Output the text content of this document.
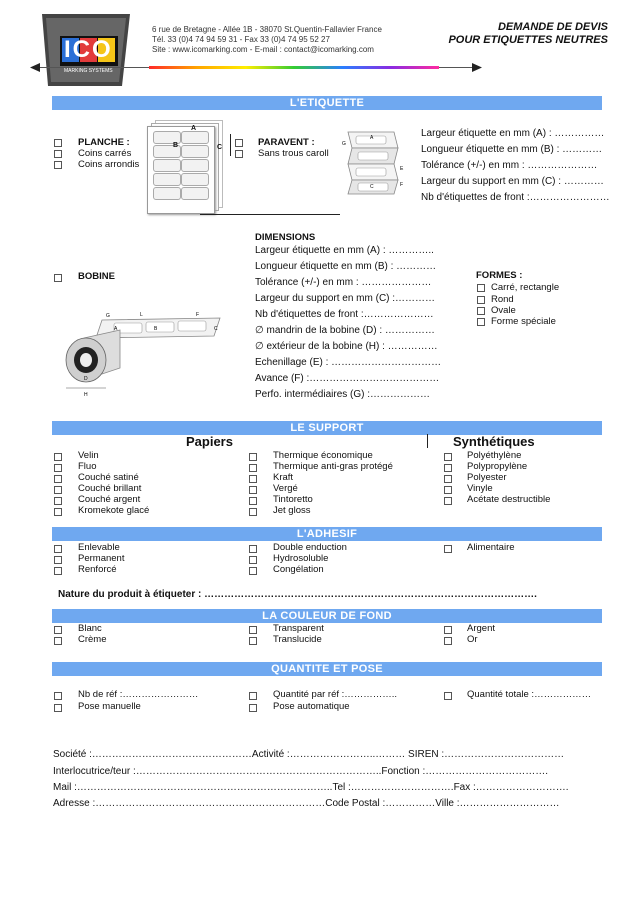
ICO
MARKING SYSTEMS
6 rue de Bretagne - Allée 1B - 38070 St.Quentin-Fallavier France
Tél. 33 (0)4 74 94 59 31 - Fax 33 (0)4 74 95 52 27
Site : www.icomarking.com - E-mail : contact@icomarking.com
DEMANDE DE DEVIS
POUR ETIQUETTES NEUTRES
L'ETIQUETTE
PLANCHE :
Coins carrés
Coins arrondis
A
B	C	PARAVENT :
Sans trous caroll
A
G
C
E
F
Largeur étiquette en mm (A) : ……………
Longueur étiquette en mm (B) : …………
Tolérance (+/-) en mm : …………………
Largeur du support en mm (C) : …………
Nb d'étiquettes de front :……………………
DIMENSIONS
BOBINE
Largeur étiquette en mm (A) : …………..
Longueur étiquette en mm (B) : …………
Tolérance (+/-) en mm : …………………
Largeur du support en mm (C) :…………
Nb d'étiquettes de front :…………………
∅ mandrin de la bobine (D) : ……………
∅ extérieur de la bobine (H) : ……………
Echenillage (E) : ……………………………
Avance (F) :…………………………………
Perfo. intermédiaires (G) :………………
H
D
A	B
G	L	F
C
FORMES :
Carré, rectangle
Rond
Ovale
Forme spéciale
LE SUPPORT
Papiers	Synthétiques
Velin
Fluo
Couché satiné
Couché brillant
Couché argent
Kromekote glacé
Thermique économique
Thermique anti-gras protégé
Kraft
Vergé
Tintoretto
Jet gloss
Polyéthylène
Polypropylène
Polyester
Vinyle
Acétate destructible
L'ADHESIF
Enlevable
Permanent
Renforcé
Double enduction
Hydrosoluble
Congélation
Alimentaire
Nature du produit à étiqueter : ……………………………………………………………………………………….
LA COULEUR DE FOND
Blanc
Crème
Transparent
Translucide
Argent
Or
QUANTITE ET POSE
Nb de réf :……………………
Pose manuelle
Quantité par réf :……………..
Pose automatique
Quantité totale :………………
Société :…………………………………………Activité :……………………..……… SIREN :………………………………
Interlocutrice/teur :………………………………………………………………..Fonction :……………………………….
Mail :…………………………………………………………………..Tel :………………………….Fax :……………………….
Adresse :……………………………………………………………Code Postal :……………Ville :…………………………
